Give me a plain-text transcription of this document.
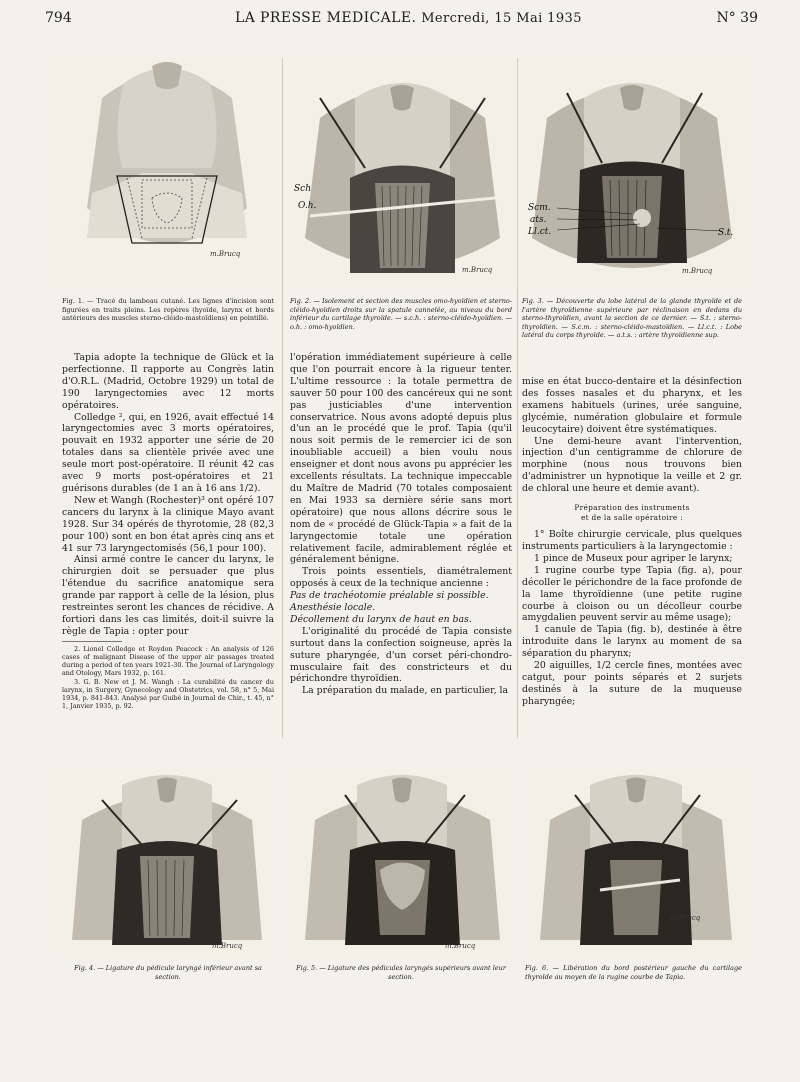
794	LA PRESSE MEDICALE. Mercredi, 15 Mai 1935	N° 39
m.Brucq
Sch
O.h.
m.Brucq
Scm.
ats.
Ll.ct.	S.t.
m.Brucq
Fig. 1. — Tracé du lambeau cutané. Les lignes d'incision sont figurées en traits pleins. Les repères (hyoïde, larynx et bords antérieurs des muscles sterno-cléido-mastoïdiens) en pointillé.
Fig. 2. — Isolement et section des muscles omo-hyoïdien et sterno-cléido-hyoïdien droits sur la spatule cannelée, au niveau du bord inférieur du cartilage thyroïde. — s.c.h. : sterno-cléido-hyoïdien. — o.h. : omo-hyoïdien.
Fig. 3. — Découverte du lobe latéral de la glande thyroïde et de l'artère thyroïdienne supérieure par réclinaison en dedans du sterno-thyroïdien, avant la section de ce dernier. — S.t. : sterno-thyroïdien. — S.c.m. : sterno-cléido-mastoïdien. — Ll.c.t. : Lobe latéral du corps thyroïde. — a.t.s. : artère thyroïdienne sup.

Tapia adopte la technique de Glück et la perfectionne. Il rapporte au Congrès latin d'O.R.L. (Madrid, Octobre 1929) un total de 190 laryngectomies avec 12 morts opératoires.

Colledge ², qui, en 1926, avait effectué 14 laryngectomies avec 3 morts opératoires, pouvait en 1932 apporter une série de 20 totales dans sa clientèle privée avec une seule mort post-opératoire. Il réunit 42 cas avec 9 morts post-opératoires et 21 guérisons durables (de 1 an à 16 ans 1/2).

New et Wangh (Rochester)³ ont opéré 107 cancers du larynx à la clinique Mayo avant 1928. Sur 34 opérés de thyrotomie, 28 (82,3 pour 100) sont en bon état après cinq ans et 41 sur 73 laryngectomisés (56,1 pour 100).

Ainsi armé contre le cancer du larynx, le chirurgien doit se persuader que plus l'étendue du sacrifice anatomique sera grande par rapport à celle de la lésion, plus restreintes seront les chances de récidive. A fortiori dans les cas limités, doit-il suivre la règle de Tapia : opter pour

2. Lionel Colledge et Roydon Peacock : An analysis of 126 cases of malignant Disease of the upper air passages treated during a period of ten years 1921-30. The Journal of Laryngology and Otology, Mars 1932, p. 161.

3. G. B. New et J. M. Wangh : La curabilité du cancer du larynx, in Surgery, Gynecology and Obstetrics, vol. 58, n° 5, Mai 1934, p. 841-843. Analysé par Guibé in Journal de Chir., t. 45, n° 1, Janvier 1935, p. 92.

l'opération immédiatement supérieure à celle que l'on pourrait encore à la rigueur tenter. L'ultime ressource : la totale permettra de sauver 50 pour 100 des cancéreux qui ne sont pas justiciables d'une intervention conservatrice. Nous avons adopté depuis plus d'un an le procédé que le prof. Tapia (qu'il nous soit permis de le remercier ici de son inoubliable accueil) a bien voulu nous enseigner et dont nous avons pu apprécier les excellents résultats. La technique impeccable du Maître de Madrid (70 totales composaient en Mai 1933 sa dernière série sans mort opératoire) que nous allons décrire sous le nom de « procédé de Glück-Tapia » a fait de la laryngectomie totale une opération relativement facile, admirablement réglée et généralement bénigne.

Trois points essentiels, diamétralement opposés à ceux de la technique ancienne :

Pas de trachéotomie préalable si possible.

Anesthésie locale.

Décollement du larynx de haut en bas.

L'originalité du procédé de Tapia consiste surtout dans la confection soigneuse, après la suture pharyngée, d'un corset péri-chondro-musculaire fait des constricteurs et du périchondre thyroïdien.

La préparation du malade, en particulier, la

mise en état bucco-dentaire et la désinfection des fosses nasales et du pharynx, et les examens habituels (urines, urée sanguine, glycémie, numération globulaire et formule leucocytaire) doivent être systématiques.

Une demi-heure avant l'intervention, injection d'un centigramme de chlorure de morphine (nous nous trouvons bien d'administrer un hypnotique la veille et 2 gr. de chloral une heure et demie avant).

Préparation des instruments
et de la salle opératoire :

1° Boîte chirurgie cervicale, plus quelques instruments particuliers à la laryngectomie :

1 pince de Museux pour agriper le larynx;

1 rugine courbe type Tapia (fig. a), pour décoller le périchondre de la face profonde de la lame thyroïdienne (une petite rugine courbe à cloison ou un décolleur courbe amygdalien peuvent servir au même usage);

1 canule de Tapia (fig. b), destinée à être introduite dans le larynx au moment de sa séparation du pharynx;

20 aiguilles, 1/2 cercle fines, montées avec catgut, pour points séparés et 2 surjets destinés à la suture de la muqueuse pharyngée;

m.Brucq	m.Brucq
m.Brucq
Fig. 4. — Ligature du pédicule laryngé inférieur avant sa section.
Fig. 5. — Ligature des pédicules laryngés supérieurs avant leur section.
Fig. 6. — Libération du bord postérieur gauche du cartilage thyroïde au moyen de la rugine courbe de Tapia.
